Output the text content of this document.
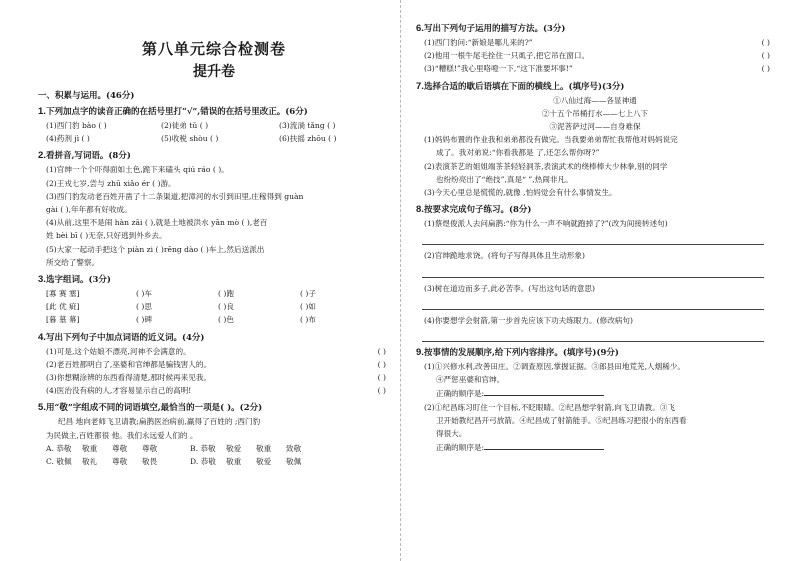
第八单元综合检测卷
提升卷
一、积累与运用。(46分)
1.下列加点字的读音正确的在括号里打“√”,错误的在括号里改正。(6分)
(1)西门豹 bào ( )	(2)徒弟 tǔ ( )	(3)流淌 tǎng ( )
(4)药剂 jì ( )	(5)收税 shòu ( )	(6)扶摇 zhōu ( )
2.看拼音,写词语。(8分)
(1)官绅一个个吓得面如土色,跪下来磕头 qiú ráo ( )。
(2)王戎七岁,尝与 zhū xiǎo ér ( )游。
(3)西门豹发动老百姓开凿了十二条渠道,把漳河的水引到田里,庄稼得到 guàn
gài ( ),年年都有好收成。
(4)从前,这里不是闹 hàn zāi ( ),就是土地被洪水 yān mò ( ),老百
姓 bèi bī ( )无奈,只好逃到外乡去。
(5)大家一起动手把这个 piàn zi ( )rēng dào ( )车上,然后送派出
所交给了警察。
3.选字组词。(3分)
[寡 赛 塞]	( )车	( )跑	( )子
[此 优 疵]	( )思	( )良	( )如
[暮 墓 幕]	( )碑	( )色	( )布
4.写出下列句子中加点词语的近义词。(4分)
(1)可是,这个姑娘不漂亮,河神不会满意的。	( )
(2)老百姓都明白了,巫婆和官绅都是骗钱害人的。	( )
(3)你想糊涂辨的东西看得清楚,那时候再来见我。	( )
(4)医治没有病的人,才容易显示自己的高明!	( )
5.用“敬”字组成不同的词语填空,最恰当的一项是( )。(2分)
纪昌 地向老师飞卫请教;扁鹊医治病前,赢得了百姓的 ;西门豹
为民做主,百姓都很 他。我们永远爱人们的 。
A. 恭敬 敬重 尊敬 尊敬	B. 恭敬 敬爱 敬重 致敬
C. 敬佩 敬礼 尊敬 敬畏	D. 恭敬 敬重 敬爱 敬佩
6.写出下列句子运用的描写方法。(3分)
(1)西门豹问:“新娘是哪儿来的?”	( )
(2)他用一根牛尾毛拴住一只虱子,把它吊在窗口。	( )
(3)“糟糕!”我心里咯噔一下,“这下准要坏事!”	( )
7.选择合适的歇后语填在下面的横线上。(填序号)(3分)
①八仙过海——各显神通
②十五个吊桶打水——七上八下
③泥菩萨过河——自身难保
(1)妈妈布置的作业我和弟弟都没有做完。当我要弟弟帮忙我帮他对妈妈说完
成了。我对弟说:“你看我都是 了,还怎么帮你呀?”
(2)表演茶艺的姐姐端茶茶轻轻洞茶,表演武术的绕棒棒大少林拳,别的同学
也纷纷亮出了“绝技”,真是“ ”,热闹非凡。
(3)今天心里总是慌慌的,就像 ,怕妈觉会有什么事情发生。
8.按要求完成句子练习。(8分)
(1)蔡煜俊派人去问扁鹊:“你为什么一声不响就跑掉了?”(改为间接转述句)
(2)官绅跪地求饶。(将句子写得具体且生动形象)
(3)树在道边而多子,此必苦李。(写出这句话的意思)
(4)你要想学会射箭,第一步首先应该下功夫练眼力。(修改病句)
9.按事情的发展顺序,给下列内容排序。(填序号)(9分)
(1)①兴修水利,改善田庄。②调查原因,掌握证据。③郎县田地荒芜,人烟稀少。
④严惩巫婆和官绅。
正确的顺序是:
(2)①纪昌练习盯住一个目标,不眨眼睛。②纪昌想学射箭,向飞卫请教。③飞
卫开始教纪昌开弓放箭。④纪昌成了射箭能手。⑤纪昌练习把很小的东西看
得很大。
正确的顺序是:
